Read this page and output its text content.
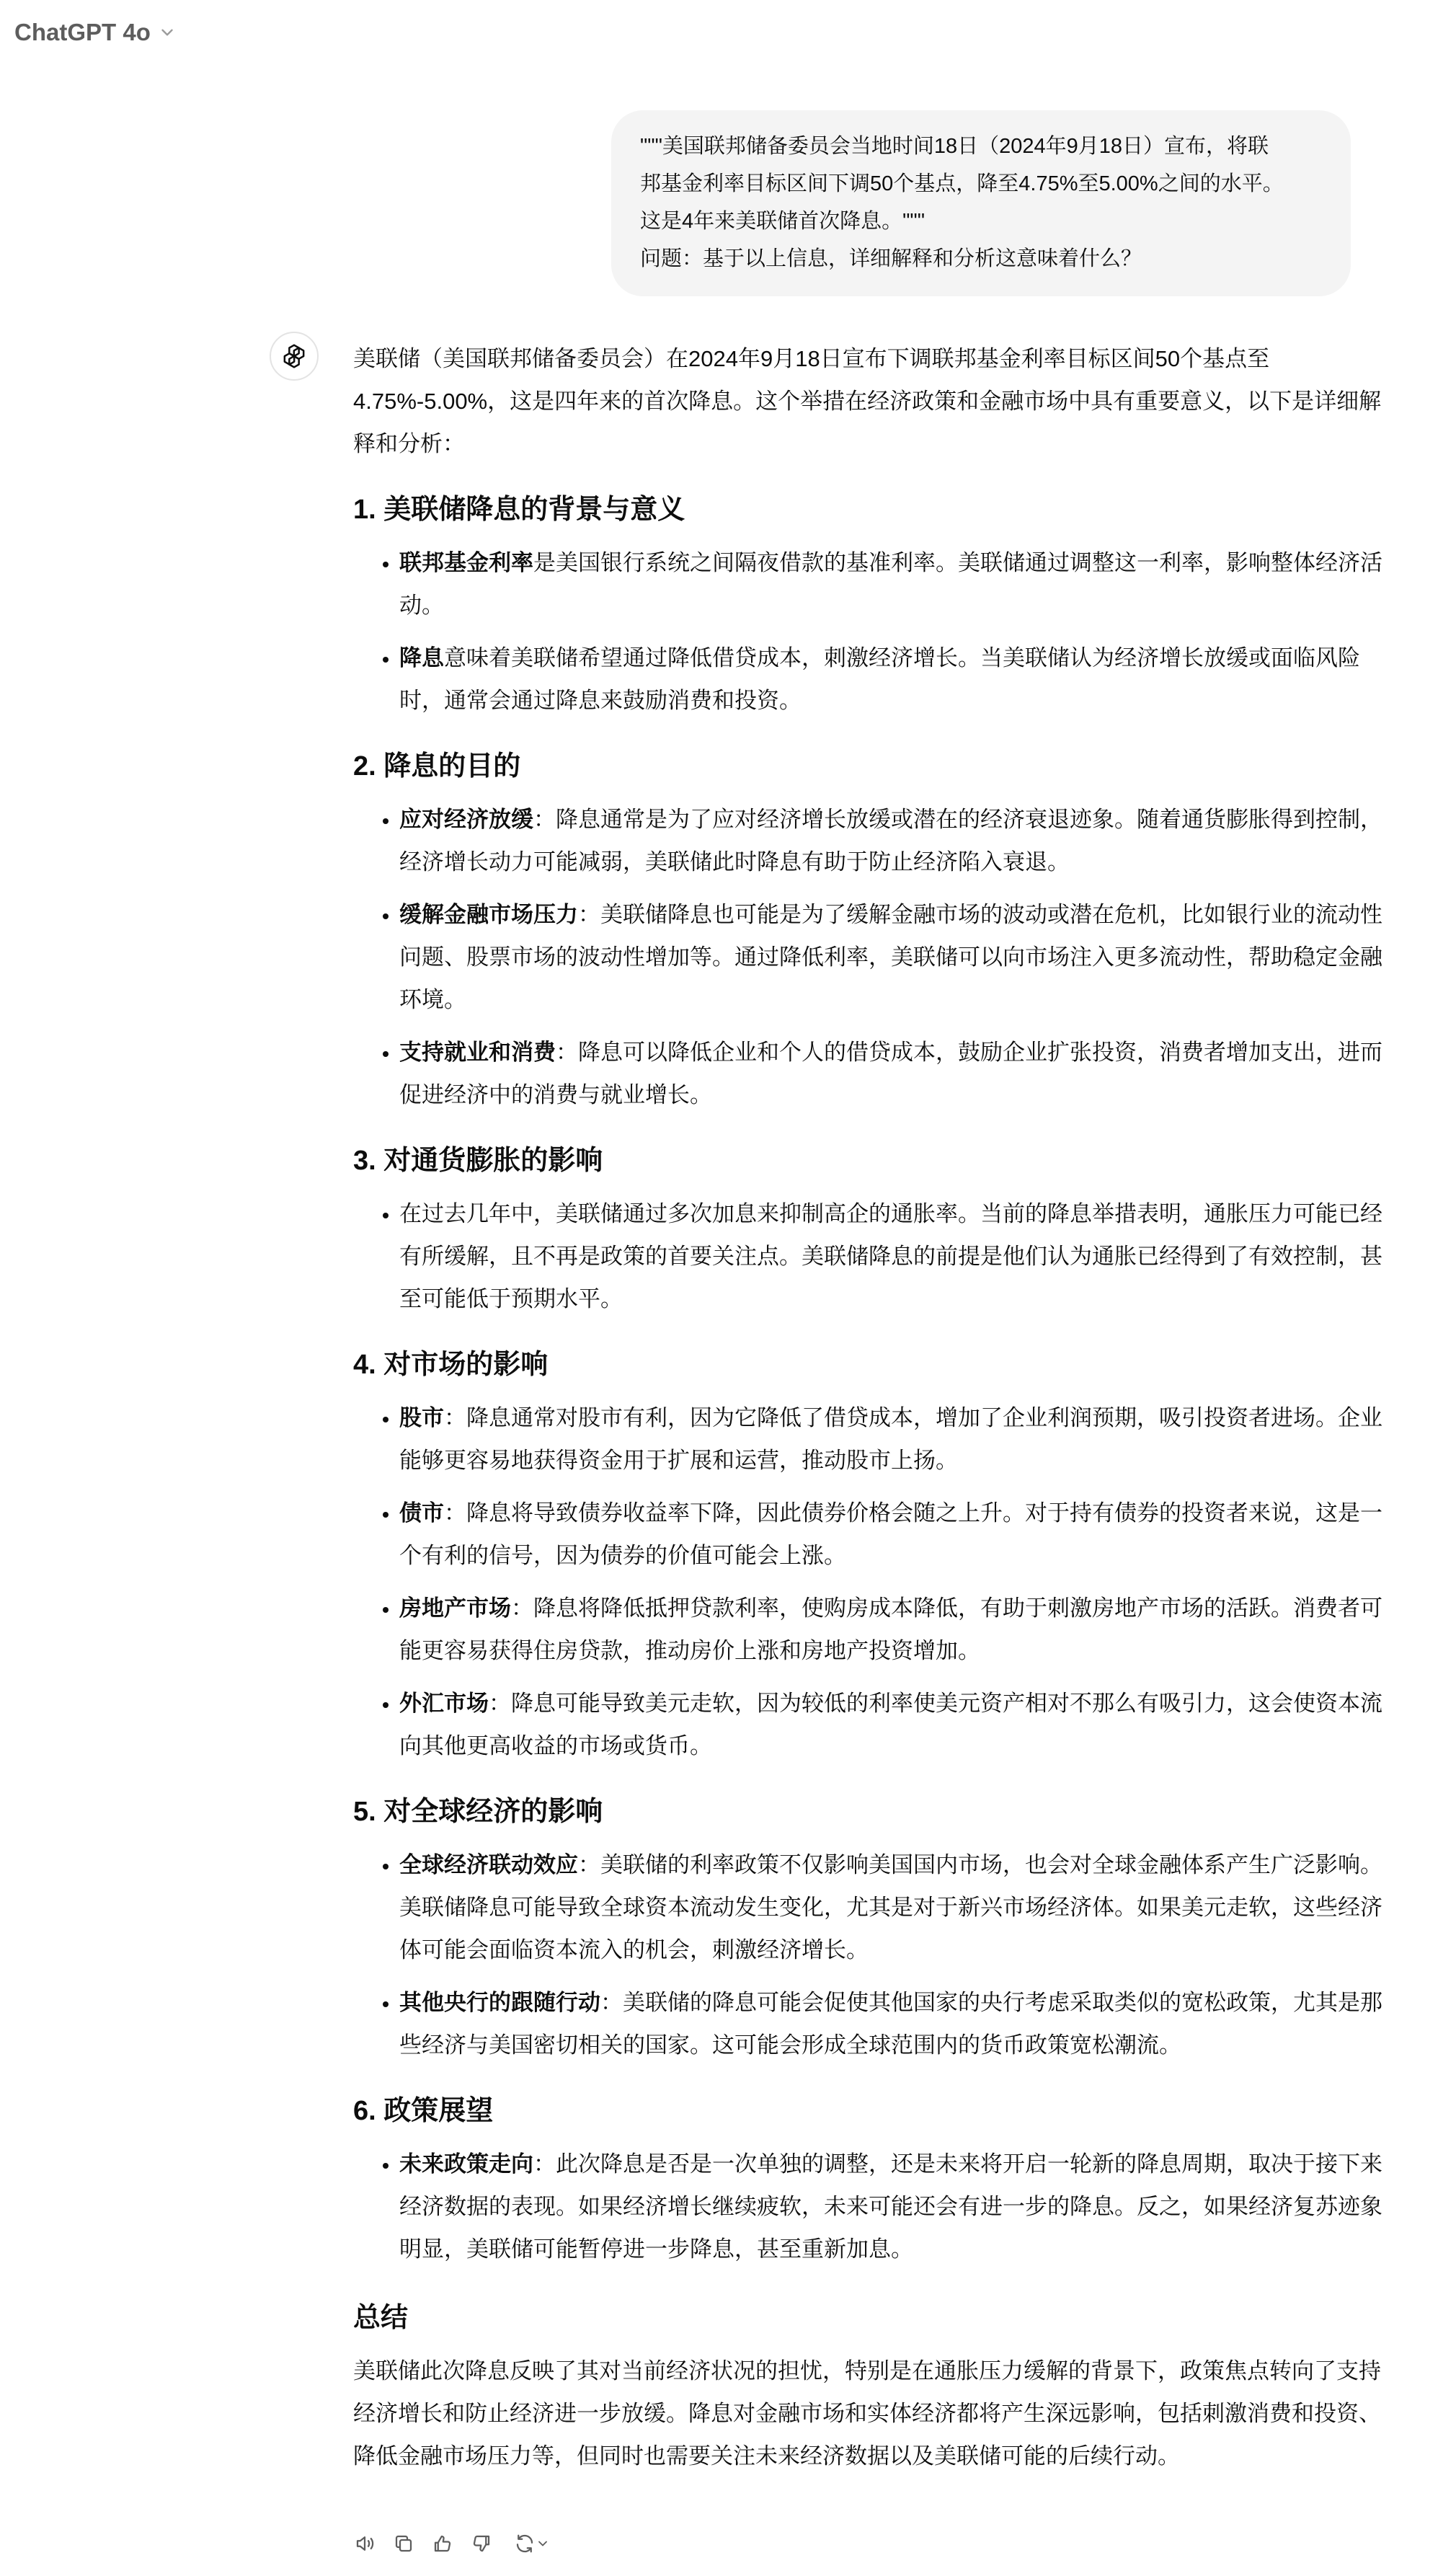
ChatGPT 4o

"""美国联邦储备委员会当地时间18日（2024年9月18日）宣布，将联
邦基金利率目标区间下调50个基点，降至4.75%至5.00%之间的水平。
这是4年来美联储首次降息。"""
问题：基于以上信息，详细解释和分析这意味着什么？

美联储（美国联邦储备委员会）在2024年9月18日宣布下调联邦基金利率目标区间50个基点至4.75%-5.00%，这是四年来的首次降息。这个举措在经济政策和金融市场中具有重要意义，以下是详细解释和分析：

1. 美联储降息的背景与意义
• 联邦基金利率是美国银行系统之间隔夜借款的基准利率。美联储通过调整这一利率，影响整体经济活动。
• 降息意味着美联储希望通过降低借贷成本，刺激经济增长。当美联储认为经济增长放缓或面临风险时，通常会通过降息来鼓励消费和投资。
2. 降息的目的
• 应对经济放缓：降息通常是为了应对经济增长放缓或潜在的经济衰退迹象。随着通货膨胀得到控制，经济增长动力可能减弱，美联储此时降息有助于防止经济陷入衰退。
• 缓解金融市场压力：美联储降息也可能是为了缓解金融市场的波动或潜在危机，比如银行业的流动性问题、股票市场的波动性增加等。通过降低利率，美联储可以向市场注入更多流动性，帮助稳定金融环境。
• 支持就业和消费：降息可以降低企业和个人的借贷成本，鼓励企业扩张投资，消费者增加支出，进而促进经济中的消费与就业增长。
3. 对通货膨胀的影响
• 在过去几年中，美联储通过多次加息来抑制高企的通胀率。当前的降息举措表明，通胀压力可能已经有所缓解，且不再是政策的首要关注点。美联储降息的前提是他们认为通胀已经得到了有效控制，甚至可能低于预期水平。
4. 对市场的影响
• 股市：降息通常对股市有利，因为它降低了借贷成本，增加了企业利润预期，吸引投资者进场。企业能够更容易地获得资金用于扩展和运营，推动股市上扬。
• 债市：降息将导致债券收益率下降，因此债券价格会随之上升。对于持有债券的投资者来说，这是一个有利的信号，因为债券的价值可能会上涨。
• 房地产市场：降息将降低抵押贷款利率，使购房成本降低，有助于刺激房地产市场的活跃。消费者可能更容易获得住房贷款，推动房价上涨和房地产投资增加。
• 外汇市场：降息可能导致美元走软，因为较低的利率使美元资产相对不那么有吸引力，这会使资本流向其他更高收益的市场或货币。
5. 对全球经济的影响
• 全球经济联动效应：美联储的利率政策不仅影响美国国内市场，也会对全球金融体系产生广泛影响。美联储降息可能导致全球资本流动发生变化，尤其是对于新兴市场经济体。如果美元走软，这些经济体可能会面临资本流入的机会，刺激经济增长。
• 其他央行的跟随行动：美联储的降息可能会促使其他国家的央行考虑采取类似的宽松政策，尤其是那些经济与美国密切相关的国家。这可能会形成全球范围内的货币政策宽松潮流。
6. 政策展望
• 未来政策走向：此次降息是否是一次单独的调整，还是未来将开启一轮新的降息周期，取决于接下来经济数据的表现。如果经济增长继续疲软，未来可能还会有进一步的降息。反之，如果经济复苏迹象明显，美联储可能暂停进一步降息，甚至重新加息。
总结

美联储此次降息反映了其对当前经济状况的担忧，特别是在通胀压力缓解的背景下，政策焦点转向了支持经济增长和防止经济进一步放缓。降息对金融市场和实体经济都将产生深远影响，包括刺激消费和投资、降低金融市场压力等，但同时也需要关注未来经济数据以及美联储可能的后续行动。
